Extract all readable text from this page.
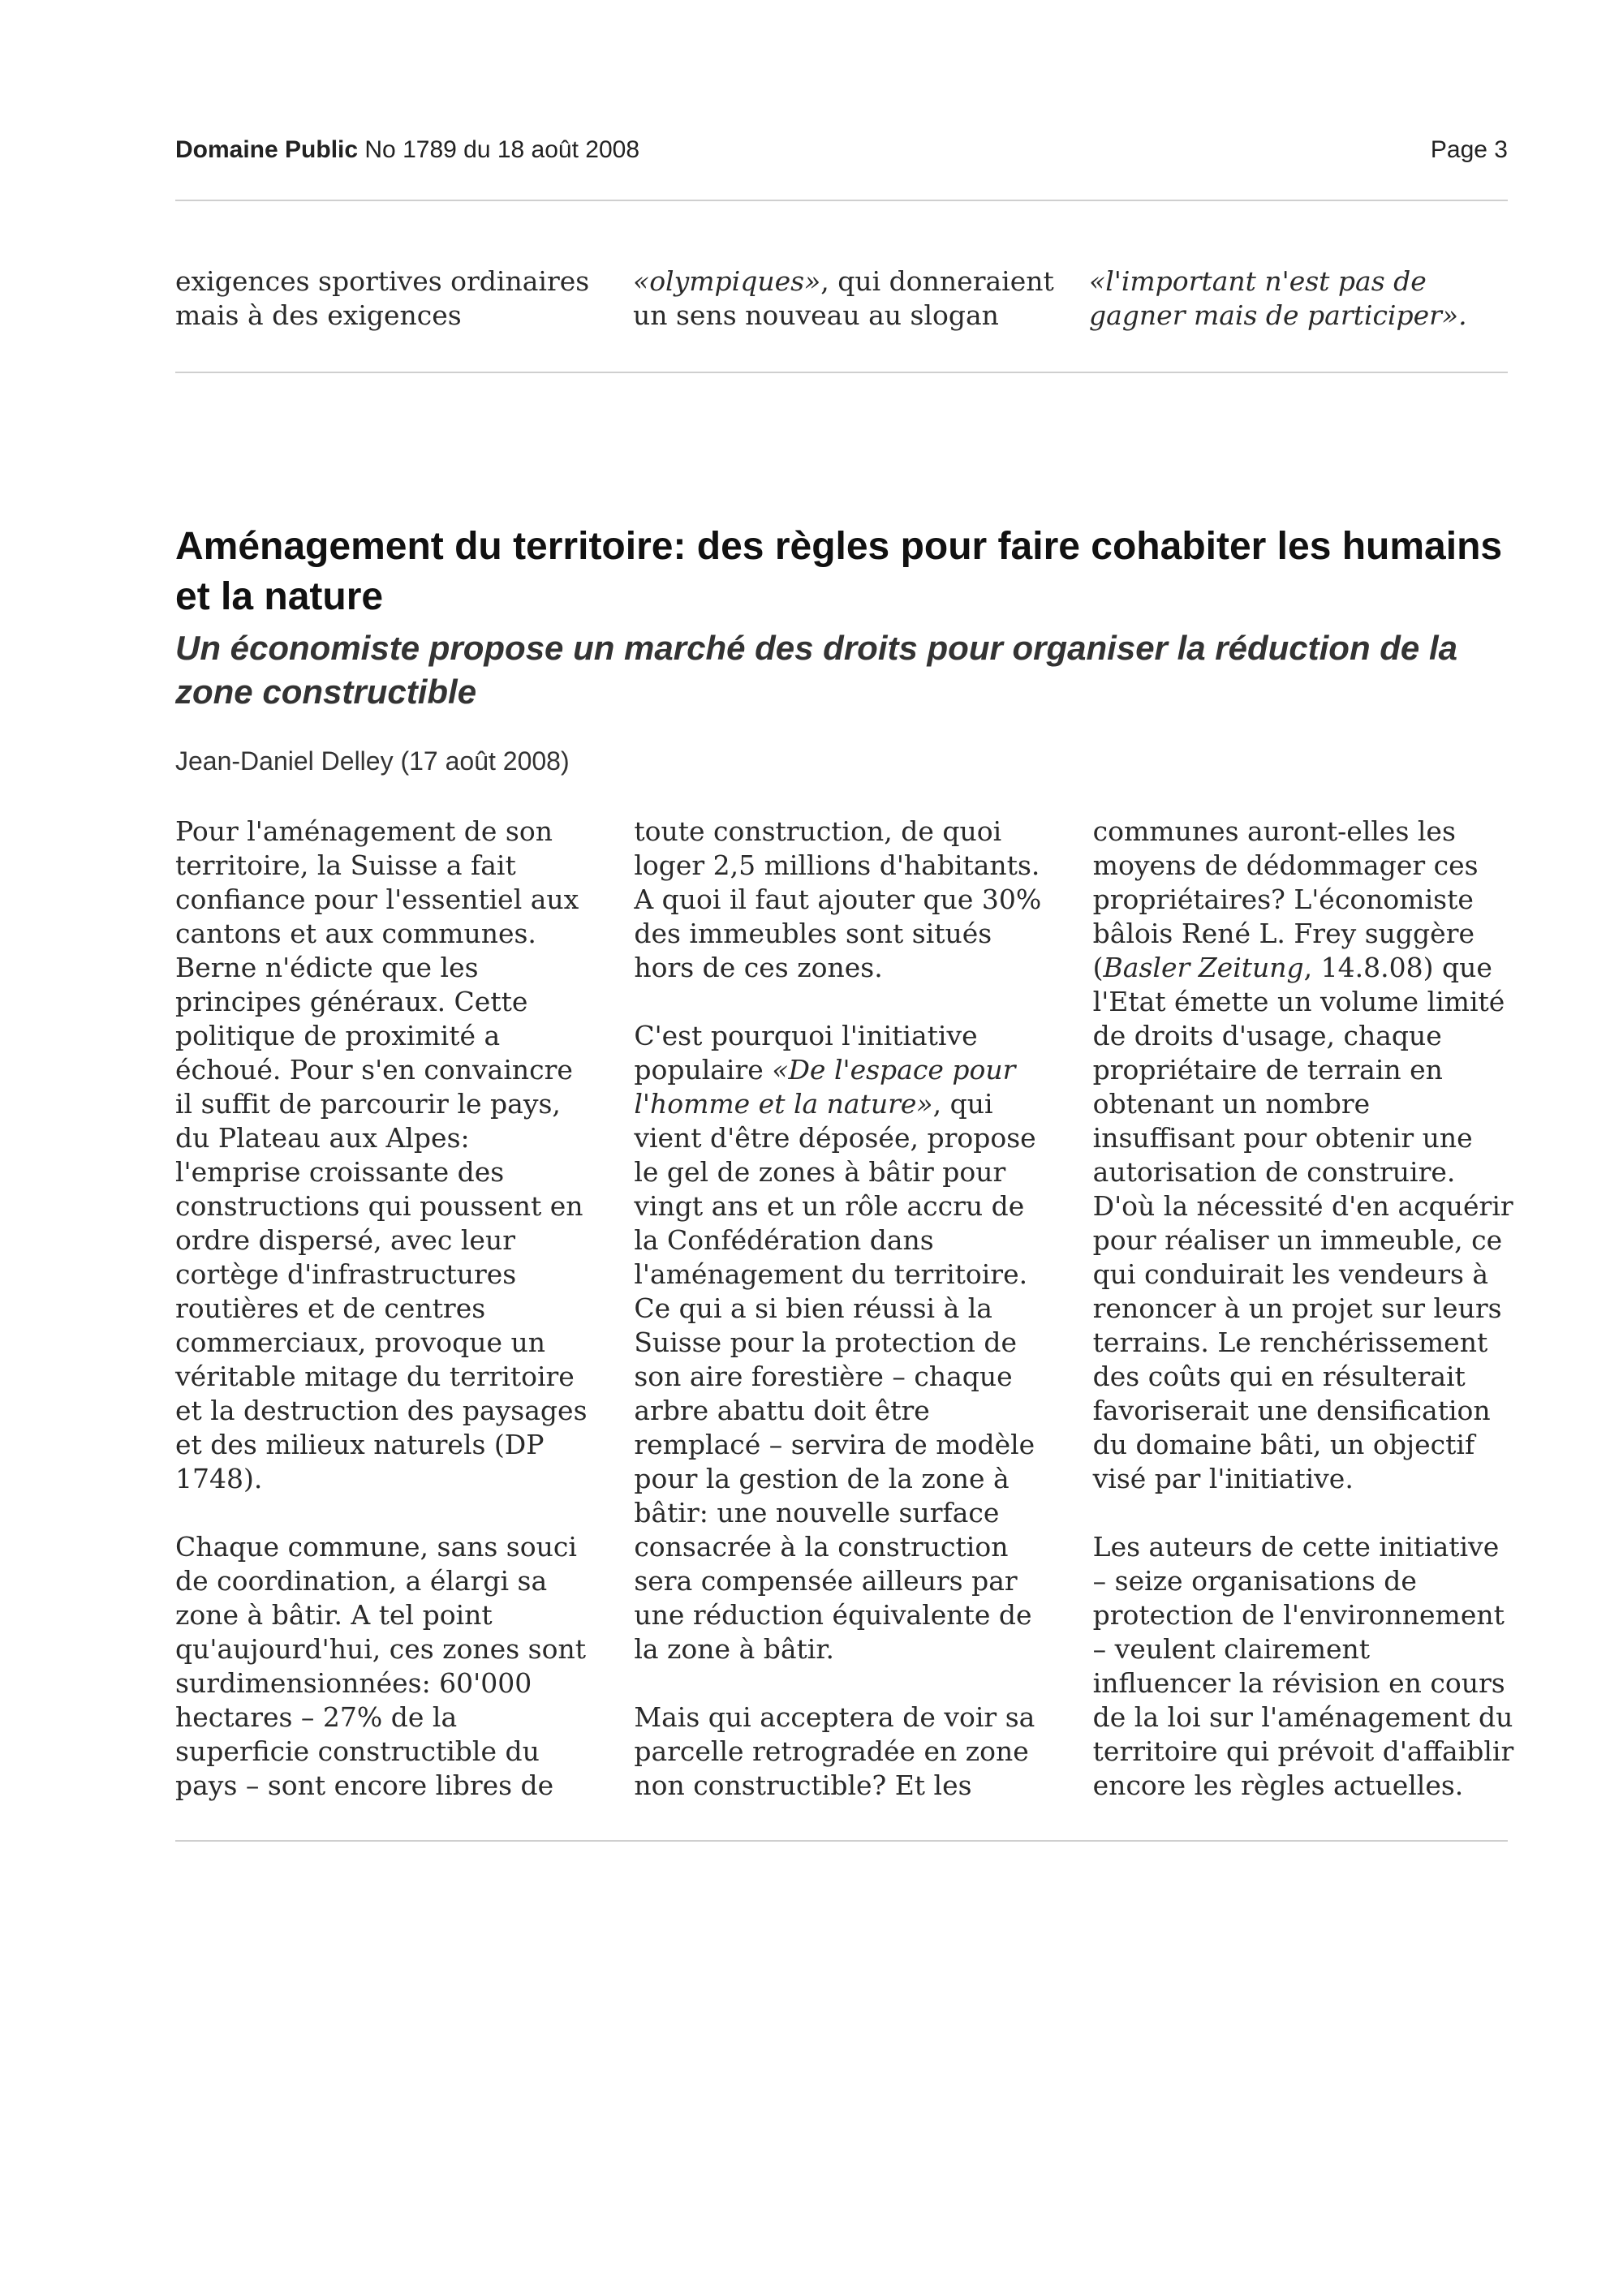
Domaine Public No 1789 du 18 août 2008	Page 3
exigences sportives ordinaires mais à des exigences
«olympiques», qui donneraient un sens nouveau au slogan
«l'important n'est pas de gagner mais de participer».
Aménagement du territoire: des règles pour faire cohabiter les humains et la nature
Un économiste propose un marché des droits pour organiser la réduction de la zone constructible
Jean-Daniel Delley (17 août 2008)

Pour l'aménagement de son territoire, la Suisse a fait confiance pour l'essentiel aux cantons et aux communes. Berne n'édicte que les principes généraux. Cette politique de proximité a échoué. Pour s'en convaincre il suffit de parcourir le pays, du Plateau aux Alpes: l'emprise croissante des constructions qui poussent en ordre dispersé, avec leur cortège d'infrastructures routières et de centres commerciaux, provoque un véritable mitage du territoire et la destruction des paysages et des milieux naturels (DP 1748).

Chaque commune, sans souci de coordination, a élargi sa zone à bâtir. A tel point qu'aujourd'hui, ces zones sont surdimensionnées: 60'000 hectares – 27% de la superficie constructible du pays – sont encore libres de toute construction, de quoi loger 2,5 millions d'habitants. A quoi il faut ajouter que 30% des immeubles sont situés hors de ces zones.

C'est pourquoi l'initiative populaire «De l'espace pour l'homme et la nature», qui vient d'être déposée, propose le gel de zones à bâtir pour vingt ans et un rôle accru de la Confédération dans l'aménagement du territoire. Ce qui a si bien réussi à la Suisse pour la protection de son aire forestière – chaque arbre abattu doit être remplacé – servira de modèle pour la gestion de la zone à bâtir: une nouvelle surface consacrée à la construction sera compensée ailleurs par une réduction équivalente de la zone à bâtir.

Mais qui acceptera de voir sa parcelle retrogradée en zone non constructible? Et les communes auront-elles les moyens de dédommager ces propriétaires? L'économiste bâlois René L. Frey suggère (Basler Zeitung, 14.8.08) que l'Etat émette un volume limité de droits d'usage, chaque propriétaire de terrain en obtenant un nombre insuffisant pour obtenir une autorisation de construire. D'où la nécessité d'en acquérir pour réaliser un immeuble, ce qui conduirait les vendeurs à renoncer à un projet sur leurs terrains. Le renchérissement des coûts qui en résulterait favoriserait une densification du domaine bâti, un objectif visé par l'initiative.

Les auteurs de cette initiative – seize organisations de protection de l'environnement – veulent clairement influencer la révision en cours de la loi sur l'aménagement du territoire qui prévoit d'affaiblir encore les règles actuelles.
